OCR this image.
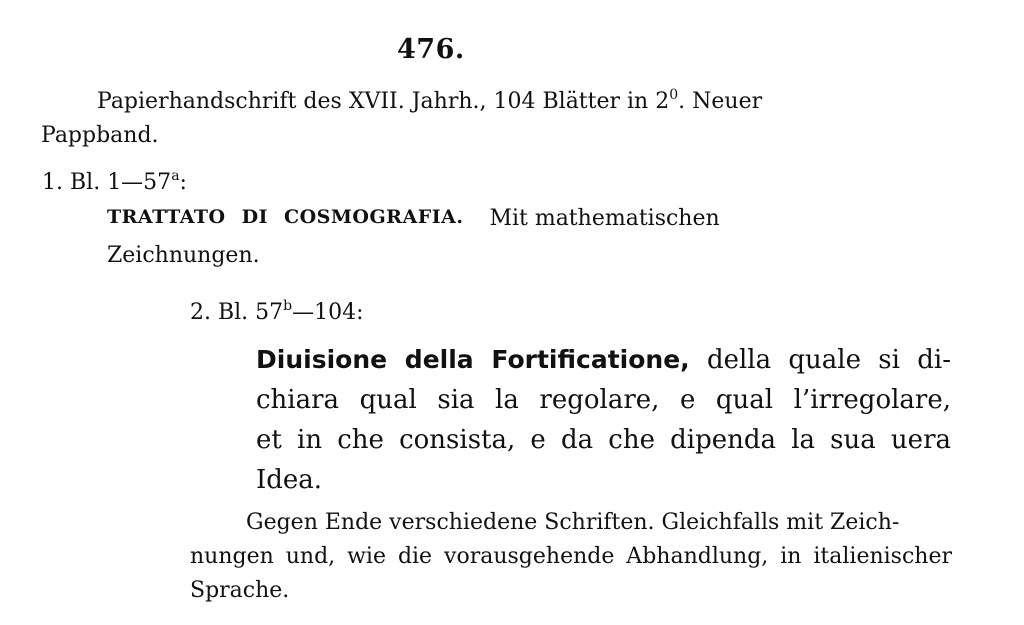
476.
Papierhandschrift des XVII. Jahrh., 104 Blätter in $2^0$. Neuer
Pappband.
1. Bl. 1—57$^a$:
TRATTATO DI COSMOGRAFIA. Mit mathematischen
Zeichnungen.
2. Bl. 57$^b$—104:
Diuisione della Fortificatione, della quale si di-
chiara qual sia la regolare, e qual l’irregolare,
et in che consista, e da che dipenda la sua uera
Idea.
Gegen Ende verschiedene Schriften. Gleichfalls mit Zeich-
nungen und, wie die vorausgehende Abhandlung, in italienischer
Sprache.
